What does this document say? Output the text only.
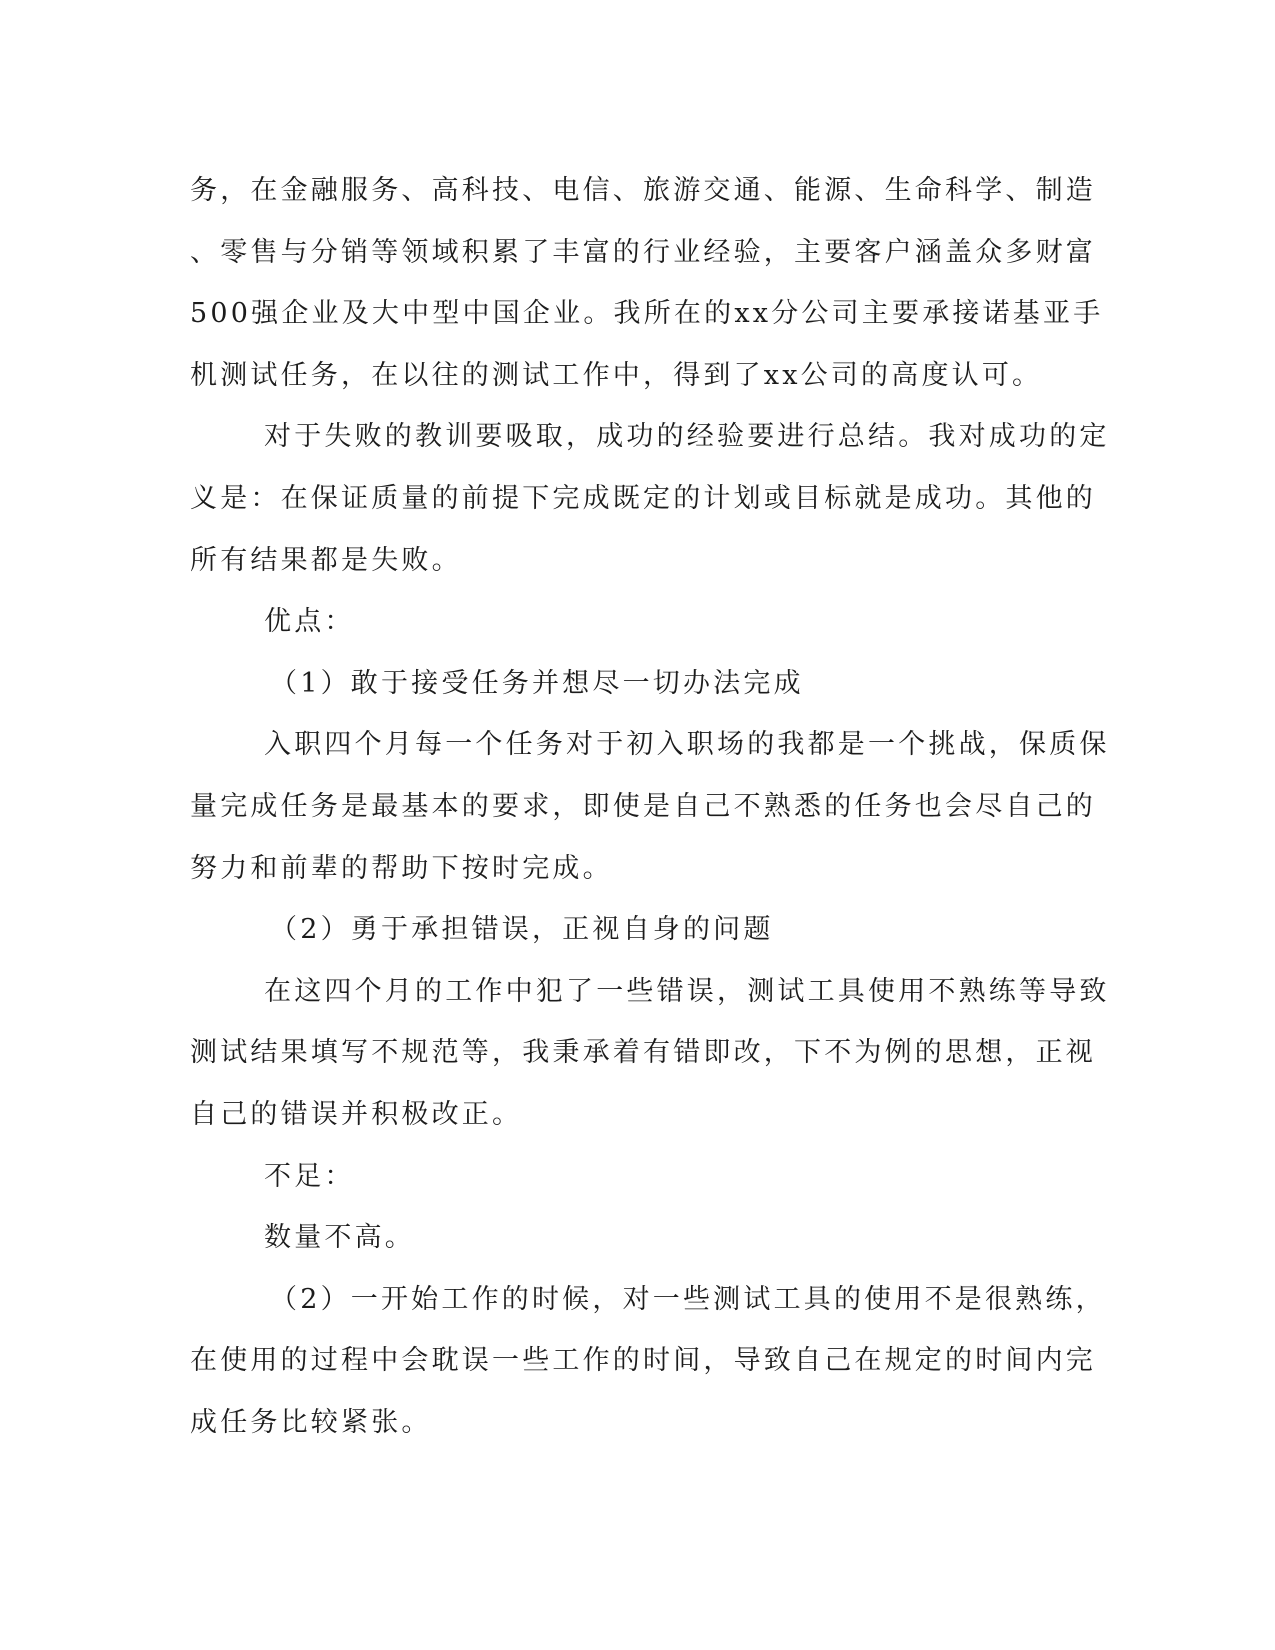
务，在金融服务、高科技、电信、旅游交通、能源、生命科学、制造
、零售与分销等领域积累了丰富的行业经验，主要客户涵盖众多财富
500强企业及大中型中国企业。我所在的xx分公司主要承接诺基亚手
机测试任务，在以往的测试工作中，得到了xx公司的高度认可。
对于失败的教训要吸取，成功的经验要进行总结。我对成功的定
义是：在保证质量的前提下完成既定的计划或目标就是成功。其他的
所有结果都是失败。
优点：
（1）敢于接受任务并想尽一切办法完成
入职四个月每一个任务对于初入职场的我都是一个挑战，保质保
量完成任务是最基本的要求，即使是自己不熟悉的任务也会尽自己的
努力和前辈的帮助下按时完成。
（2）勇于承担错误，正视自身的问题
在这四个月的工作中犯了一些错误，测试工具使用不熟练等导致
测试结果填写不规范等，我秉承着有错即改，下不为例的思想，正视
自己的错误并积极改正。
不足：
数量不高。
（2）一开始工作的时候，对一些测试工具的使用不是很熟练，
在使用的过程中会耽误一些工作的时间，导致自己在规定的时间内完
成任务比较紧张。
